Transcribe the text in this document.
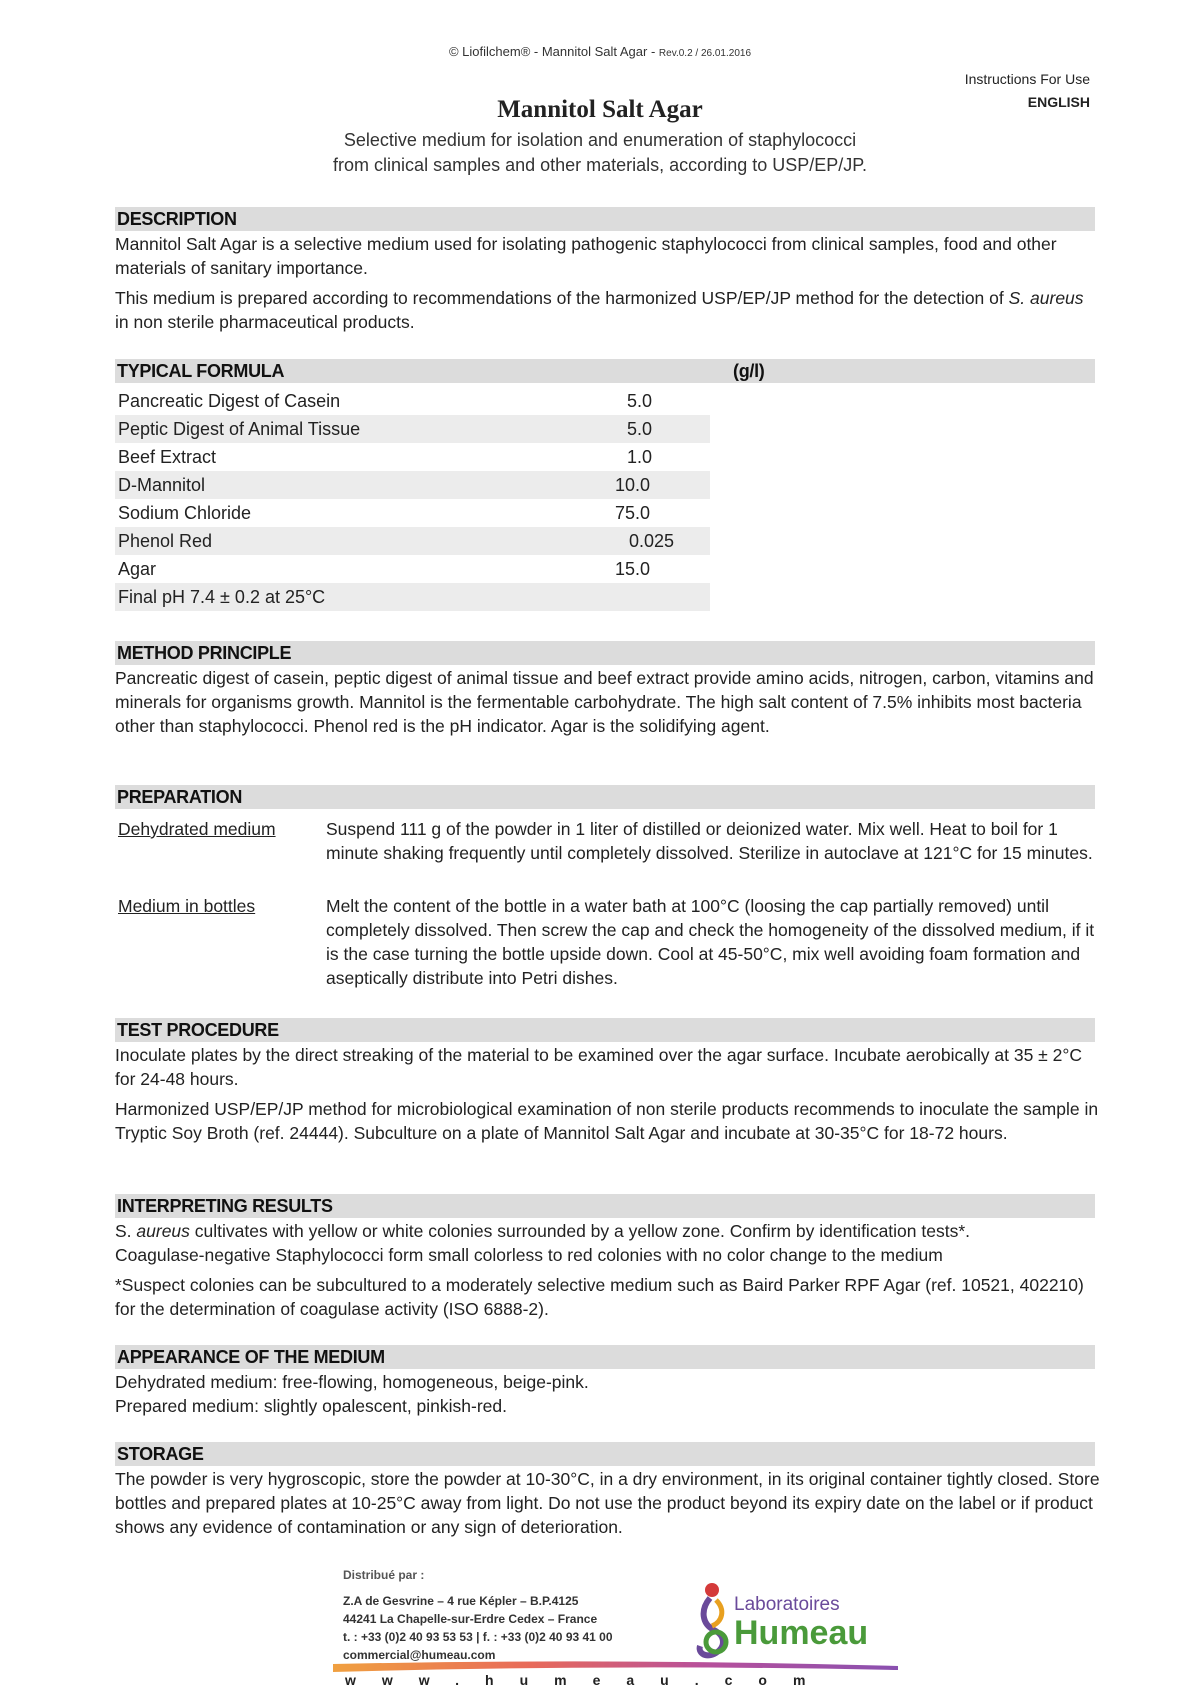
© Liofilchem® - Mannitol Salt Agar - Rev.0.2 / 26.01.2016
Instructions For Use
ENGLISH
Mannitol Salt Agar
Selective medium for isolation and enumeration of staphylococci
from clinical samples and other materials, according to USP/EP/JP.
DESCRIPTION

Mannitol Salt Agar is a selective medium used for isolating pathogenic staphylococci from clinical samples, food and other materials of sanitary importance.

This medium is prepared according to recommendations of the harmonized USP/EP/JP method for the detection of S. aureus in non sterile pharmaceutical products.

TYPICAL FORMULA	(g/l)
Pancreatic Digest of Casein	5.0
Peptic Digest of Animal Tissue	5.0
Beef Extract	1.0
D-Mannitol	10.0
Sodium Chloride	75.0
Phenol Red	0.025
Agar	15.0
Final pH 7.4 ± 0.2 at 25°C
METHOD PRINCIPLE

Pancreatic digest of casein, peptic digest of animal tissue and beef extract provide amino acids, nitrogen, carbon, vitamins and minerals for organisms growth. Mannitol is the fermentable carbohydrate. The high salt content of 7.5% inhibits most bacteria other than staphylococci. Phenol red is the pH indicator. Agar is the solidifying agent.

PREPARATION
Dehydrated medium	Suspend 111 g of the powder in 1 liter of distilled or deionized water. Mix well. Heat to boil for 1 minute shaking frequently until completely dissolved. Sterilize in autoclave at 121°C for 15 minutes.

Medium in bottles	Melt the content of the bottle in a water bath at 100°C (loosing the cap partially removed) until completely dissolved. Then screw the cap and check the homogeneity of the dissolved medium, if it is the case turning the bottle upside down. Cool at 45-50°C, mix well avoiding foam formation and aseptically distribute into Petri dishes.

TEST PROCEDURE

Inoculate plates by the direct streaking of the material to be examined over the agar surface. Incubate aerobically at 35 ± 2°C for 24-48 hours.

Harmonized USP/EP/JP method for microbiological examination of non sterile products recommends to inoculate the sample in Tryptic Soy Broth (ref. 24444). Subculture on a plate of Mannitol Salt Agar and incubate at 30-35°C for 18-72 hours.

INTERPRETING RESULTS

S. aureus cultivates with yellow or white colonies surrounded by a yellow zone. Confirm by identification tests*.
Coagulase-negative Staphylococci form small colorless to red colonies with no color change to the medium

*Suspect colonies can be subcultured to a moderately selective medium such as Baird Parker RPF Agar (ref. 10521, 402210) for the determination of coagulase activity (ISO 6888-2).

APPEARANCE OF THE MEDIUM

Dehydrated medium: free-flowing, homogeneous, beige-pink.
Prepared medium: slightly opalescent, pinkish-red.

STORAGE

The powder is very hygroscopic, store the powder at 10-30°C, in a dry environment, in its original container tightly closed. Store bottles and prepared plates at 10-25°C away from light. Do not use the product beyond its expiry date on the label or if product shows any evidence of contamination or any sign of deterioration.

Distribué par :
Z.A de Gesvrine – 4 rue Képler – B.P.4125
44241 La Chapelle-sur-Erdre Cedex – France
t. : +33 (0)2 40 93 53 53 | f. : +33 (0)2 40 93 41 00
commercial@humeau.com
Laboratoires
Humeau
www.humeau.com
